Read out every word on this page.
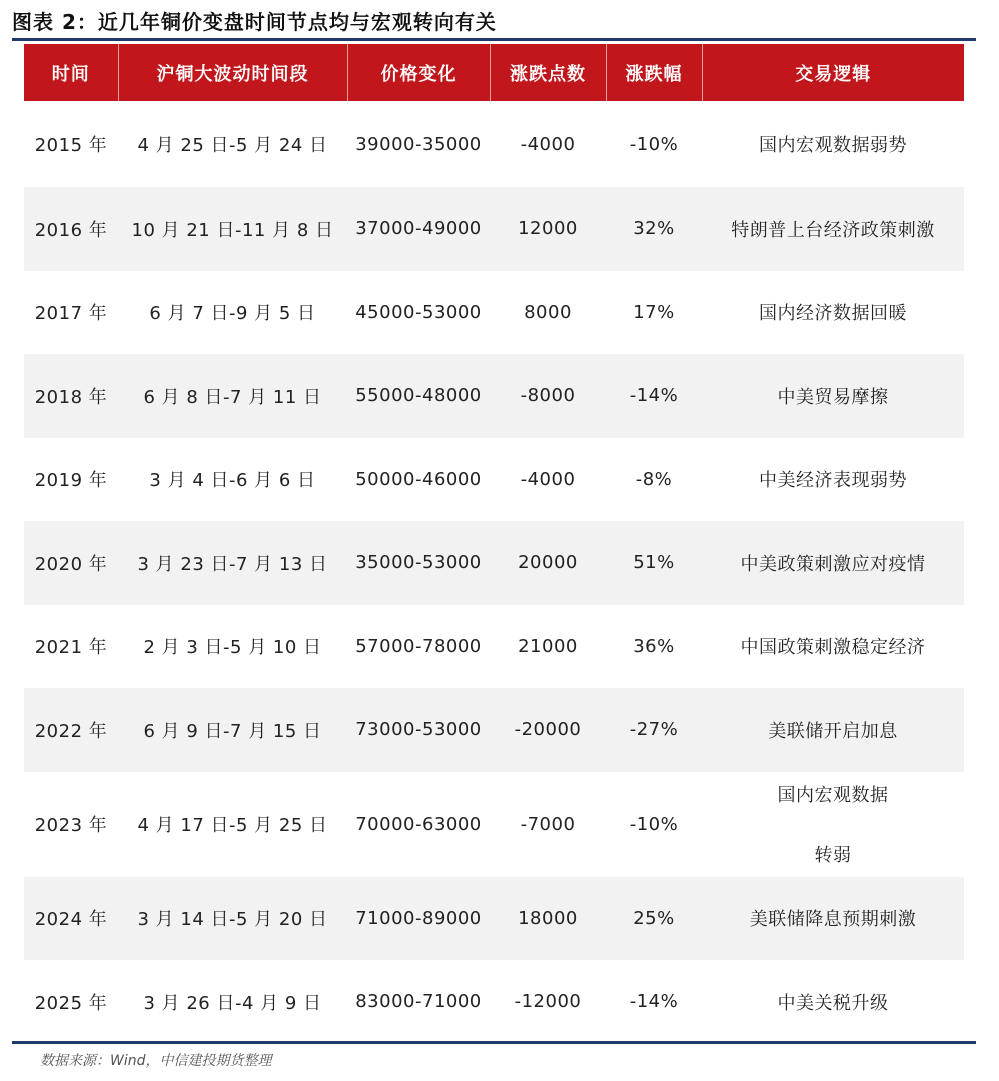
图表 2：近几年铜价变盘时间节点均与宏观转向有关
时间	沪铜大波动时间段	价格变化	涨跌点数	涨跌幅	交易逻辑
2015 年	4 月 25 日-5 月 24 日	39000-35000	-4000	-10%	国内宏观数据弱势

2016 年	10 月 21 日-11 月 8 日	37000-49000	12000	32%	特朗普上台经济政策刺激

2017 年	6 月 7 日-9 月 5 日	45000-53000	8000	17%	国内经济数据回暖

2018 年	6 月 8 日-7 月 11 日	55000-48000	-8000	-14%	中美贸易摩擦

2019 年	3 月 4 日-6 月 6 日	50000-46000	-4000	-8%	中美经济表现弱势

2020 年	3 月 23 日-7 月 13 日	35000-53000	20000	51%	中美政策刺激应对疫情

2021 年	2 月 3 日-5 月 10 日	57000-78000	21000	36%	中国政策刺激稳定经济

2022 年	6 月 9 日-7 月 15 日	73000-53000	-20000	-27%	美联储开启加息

2023 年	4 月 17 日-5 月 25 日	70000-63000	-7000	-10%	国内宏观数据
转弱

2024 年	3 月 14 日-5 月 20 日	71000-89000	18000	25%	美联储降息预期刺激

2025 年	3 月 26 日-4 月 9 日	83000-71000	-12000	-14%	中美关税升级
数据来源：Wind，中信建投期货整理
